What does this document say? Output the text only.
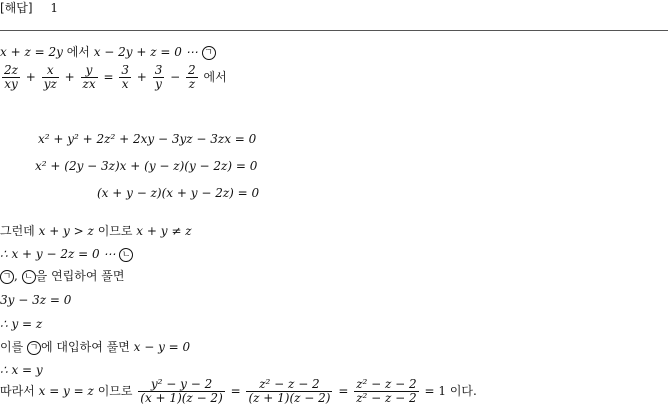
[해답] 1
x + z = 2y 에서 x − 2y + z = 0 ⋯ ㄱ
$\frac{2z}{xy} + \frac{x}{yz} + \frac{y}{zx} = \frac{3}{x} + \frac{3}{y} - \frac{2}{z}$ 에서
x² + y² + 2z² + 2xy − 3yz − 3zx = 0
x² + (2y − 3z)x + (y − z)(y − 2z) = 0
(x + y − z)(x + y − 2z) = 0
그런데 x + y > z 이므로 x + y ≠ z
∴ x + y − 2z = 0 ⋯ ㄴ
ㄱ , ㄴ 을 연립하여 풀면
3y − 3z = 0
∴ y = z
이를 ㄱ 에 대입하여 풀면 x − y = 0
∴ x = y
따라서 x = y = z 이므로 $\frac{\text{y² − y − 2}}{(x + 1)(z - 2)} = \frac{\text{z² − z − 2}}{(z + 1)(z - 2)} = \frac{\text{z² − z − 2}}{\text{z² − z − 2}} = 1$ 이다.
